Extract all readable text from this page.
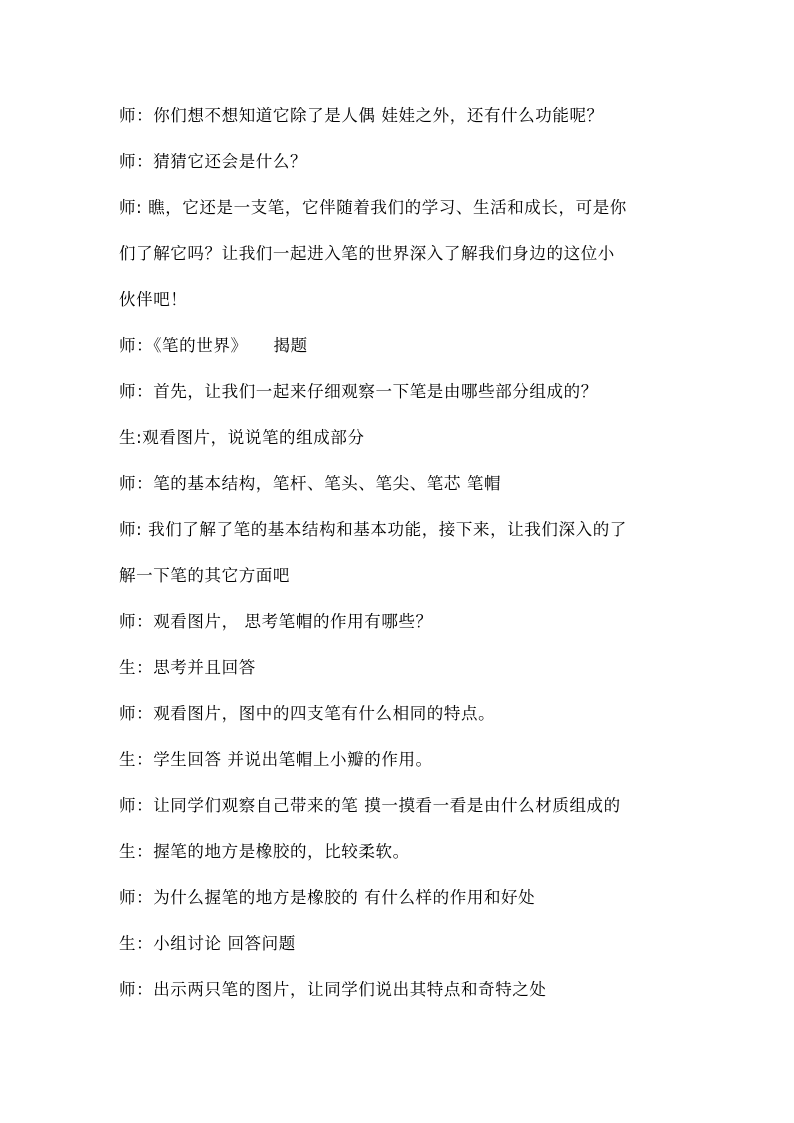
师：你们想不想知道它除了是人偶 娃娃之外，还有什么功能呢？
师：猜猜它还会是什么？
师: 瞧，它还是一支笔，它伴随着我们的学习、生活和成长，可是你
们了解它吗？让我们一起进入笔的世界深入了解我们身边的这位小
伙伴吧！
师：《笔的世界》　　揭题
师：首先，让我们一起来仔细观察一下笔是由哪些部分组成的？
生:观看图片，说说笔的组成部分
师：笔的基本结构，笔杆、笔头、笔尖、笔芯 笔帽
师: 我们了解了笔的基本结构和基本功能，接下来，让我们深入的了
解一下笔的其它方面吧
师：观看图片， 思考笔帽的作用有哪些？
生：思考并且回答
师：观看图片，图中的四支笔有什么相同的特点。
生：学生回答 并说出笔帽上小瓣的作用。
师：让同学们观察自己带来的笔 摸一摸看一看是由什么材质组成的
生：握笔的地方是橡胶的，比较柔软。
师：为什么握笔的地方是橡胶的 有什么样的作用和好处
生：小组讨论 回答问题
师：出示两只笔的图片，让同学们说出其特点和奇特之处
